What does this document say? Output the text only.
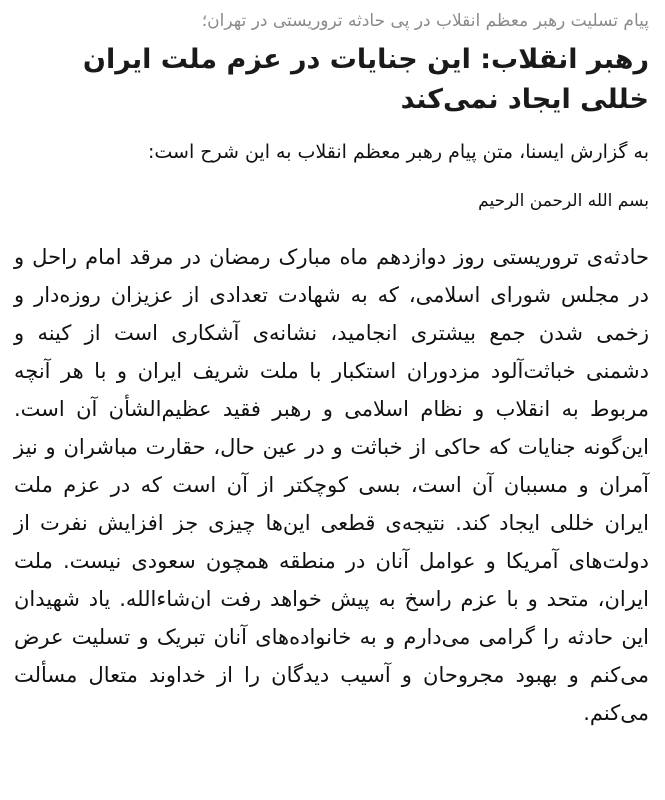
پیام تسلیت رهبر معظم انقلاب در پی حادثه تروریستی در تهران؛
رهبر انقلاب: این جنایات در عزم ملت ایران خللی ایجاد نمی‌کند

به گزارش ایسنا، متن پیام رهبر معظم انقلاب به این شرح است:

بسم الله الرحمن الرحیم

حادثه‌ی تروریستی روز دوازدهم ماه مبارک رمضان در مرقد امام راحل و در مجلس شورای اسلامی، که به شهادت تعدادی از عزیزان روزه‌دار و زخمی شدن جمع بیشتری انجامید، نشانه‌ی آشکاری است از کینه و دشمنی خباثت‌آلود مزدوران استکبار با ملت شریف ایران و با هر آنچه مربوط به انقلاب و نظام اسلامی و رهبر فقید عظیم‌الشأن آن است. این‌گونه جنایات که حاکی از خباثت و در عین حال، حقارت مباشران و نیز آمران و مسببان آن است، بسی کوچکتر از آن است که در عزم ملت ایران خللی ایجاد کند. نتیجه‌ی قطعی این‌ها چیزی جز افزایش نفرت از دولت‌های آمریکا و عوامل آنان در منطقه همچون سعودی نیست. ملت ایران، متحد و با عزم راسخ به پیش خواهد رفت ان‌شاءالله. یاد شهیدان این حادثه را گرامی می‌دارم و به خانواده‌های آنان تبریک و تسلیت عرض می‌کنم و بهبود مجروحان و آسیب دیدگان را از خداوند متعال مسألت می‌کنم.
